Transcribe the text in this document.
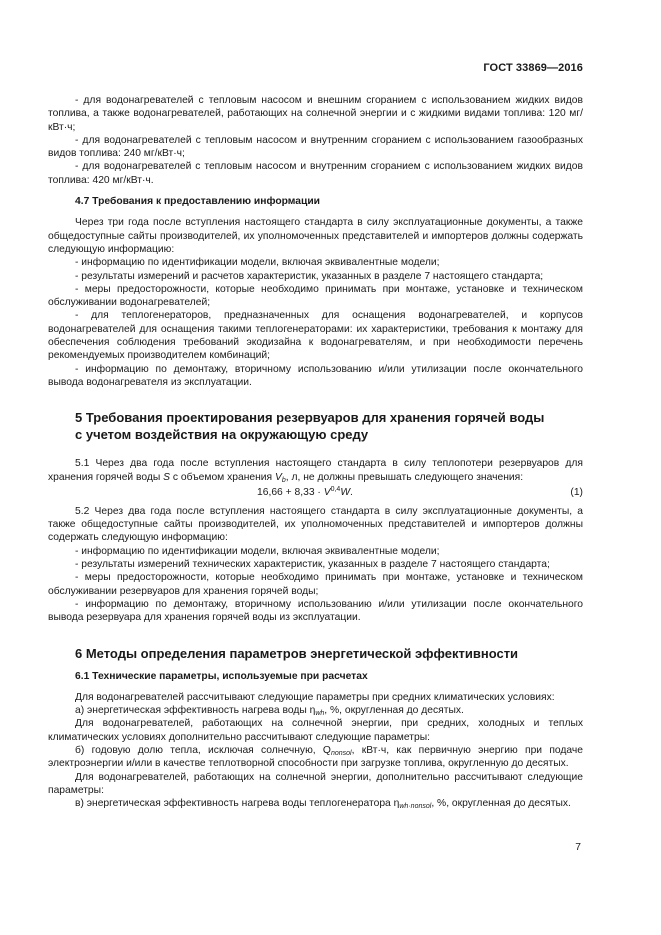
ГОСТ 33869—2016

- для водонагревателей с тепловым насосом и внешним сгоранием с использованием жидких видов топлива, а также водонагревателей, работающих на солнечной энергии и с жидкими видами топлива: 120 мг/кВт·ч;

- для водонагревателей с тепловым насосом и внутренним сгоранием с использованием газообразных видов топлива: 240 мг/кВт·ч;

- для водонагревателей с тепловым насосом и внутренним сгоранием с использованием жидких видов топлива: 420 мг/кВт·ч.

4.7 Требования к предоставлению информации

Через три года после вступления настоящего стандарта в силу эксплуатационные документы, а также общедоступные сайты производителей, их уполномоченных представителей и импортеров должны содержать следующую информацию:

- информацию по идентификации модели, включая эквивалентные модели;

- результаты измерений и расчетов характеристик, указанных в разделе 7 настоящего стандарта;

- меры предосторожности, которые необходимо принимать при монтаже, установке и техническом обслуживании водонагревателей;

- для теплогенераторов, предназначенных для оснащения водонагревателей, и корпусов водонагревателей для оснащения такими теплогенераторами: их характеристики, требования к монтажу для обеспечения соблюдения требований экодизайна к водонагревателям, и при необходимости перечень рекомендуемых производителем комбинаций;

- информацию по демонтажу, вторичному использованию и/или утилизации после окончательного вывода водонагревателя из эксплуатации.

5 Требования проектирования резервуаров для хранения горячей воды
с учетом воздействия на окружающую среду

5.1 Через два года после вступления настоящего стандарта в силу теплопотери резервуаров для хранения горячей воды S с объемом хранения $V_b$, л, не должны превышать следующего значения:

16,66 + 8,33 · V$^{0,4}$W.	(1)

5.2 Через два года после вступления настоящего стандарта в силу эксплуатационные документы, а также общедоступные сайты производителей, их уполномоченных представителей и импортеров должны содержать следующую информацию:

- информацию по идентификации модели, включая эквивалентные модели;

- результаты измерений технических характеристик, указанных в разделе 7 настоящего стандарта;

- меры предосторожности, которые необходимо принимать при монтаже, установке и техническом обслуживании резервуаров для хранения горячей воды;

- информацию по демонтажу, вторичному использованию и/или утилизации после окончательного вывода резервуара для хранения горячей воды из эксплуатации.

6 Методы определения параметров энергетической эффективности
6.1 Технические параметры, используемые при расчетах

Для водонагревателей рассчитывают следующие параметры при средних климатических условиях:

а) энергетическая эффективность нагрева воды $\eta_{wh}$, %, округленная до десятых.

Для водонагревателей, работающих на солнечной энергии, при средних, холодных и теплых климатических условиях дополнительно рассчитывают следующие параметры:

б) годовую долю тепла, исключая солнечную, $Q_{nonsol}$, кВт·ч, как первичную энергию при подаче электроэнергии и/или в качестве теплотворной способности при загрузке топлива, округленную до десятых.

Для водонагревателей, работающих на солнечной энергии, дополнительно рассчитывают следующие параметры:

в) энергетическая эффективность нагрева воды теплогенератора $\eta_{wh\cdot nonsol}$, %, округленная до десятых.

7
